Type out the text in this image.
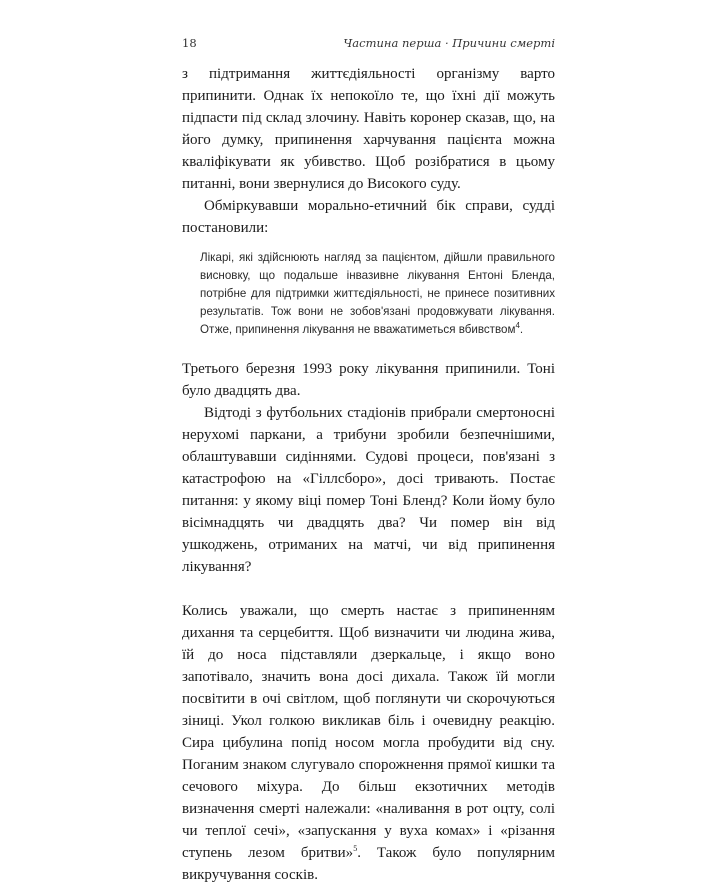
18	Частина перша · Причини смерті

з підтримання життєдіяльності організму варто припинити. Однак їх непокоїло те, що їхні дії можуть підпасти під склад злочину. Навіть коронер сказав, що, на його думку, припинення харчування пацієнта можна кваліфікувати як убивство. Щоб розібратися в цьому питанні, вони звернулися до Високого суду.

Обміркувавши морально-етичний бік справи, судді постановили:

Лікарі, які здійснюють нагляд за пацієнтом, дійшли правильного висновку, що подальше інвазивне лікування Ентоні Бленда, потрібне для підтримки життєдіяльності, не принесе позитивних результатів. Тож вони не зобов'язані продовжувати лікування. Отже, припинення лікування не вважатиметься вбивством$^4$.

Третього березня 1993 року лікування припинили. Тоні було двадцять два.

Відтоді з футбольних стадіонів прибрали смертоносні нерухомі паркани, а трибуни зробили безпечнішими, облаштувавши сидіннями. Судові процеси, пов'язані з катастрофою на «Гіллсборо», досі тривають. Постає питання: у якому віці помер Тоні Бленд? Коли йому було вісімнадцять чи двадцять два? Чи помер він від ушкоджень, отриманих на матчі, чи від припинення лікування?

Колись уважали, що смерть настає з припиненням дихання та серцебиття. Щоб визначити чи людина жива, їй до носа підставляли дзеркальце, і якщо воно запотівало, значить вона досі дихала. Також їй могли посвітити в очі світлом, щоб поглянути чи скорочуються зіниці. Укол голкою викликав біль і очевидну реакцію. Сира цибулина попід носом могла пробудити від сну. Поганим знаком слугувало спорожнення прямої кишки та сечового міхура. До більш екзотичних методів визначення смерті належали: «наливання в рот оцту, солі чи теплої сечі», «запускання у вуха комах» і «різання ступень лезом бритви»$^5$. Також було популярним викручування сосків.
